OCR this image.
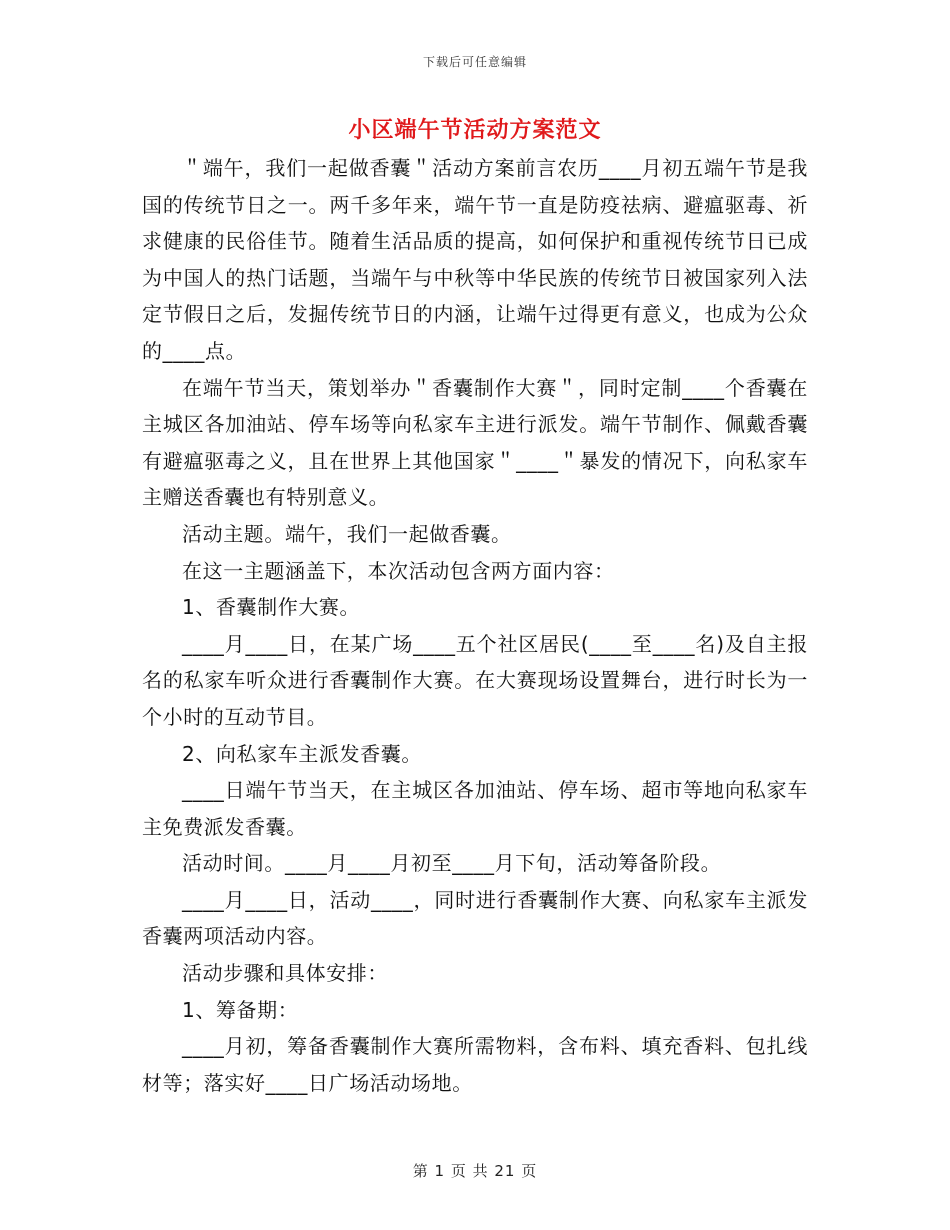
下载后可任意编辑
小区端午节活动方案范文

＂端午，我们一起做香囊＂活动方案前言农历____月初五端午节是我国的传统节日之一。两千多年来，端午节一直是防疫祛病、避瘟驱毒、祈求健康的民俗佳节。随着生活品质的提高，如何保护和重视传统节日已成为中国人的热门话题，当端午与中秋等中华民族的传统节日被国家列入法定节假日之后，发掘传统节日的内涵，让端午过得更有意义，也成为公众的____点。

在端午节当天，策划举办＂香囊制作大赛＂，同时定制____个香囊在主城区各加油站、停车场等向私家车主进行派发。端午节制作、佩戴香囊有避瘟驱毒之义，且在世界上其他国家＂____＂暴发的情况下，向私家车主赠送香囊也有特别意义。

活动主题。端午，我们一起做香囊。

在这一主题涵盖下，本次活动包含两方面内容：

1、香囊制作大赛。

____月____日，在某广场____五个社区居民(____至____名)及自主报名的私家车听众进行香囊制作大赛。在大赛现场设置舞台，进行时长为一个小时的互动节目。

2、向私家车主派发香囊。

____日端午节当天，在主城区各加油站、停车场、超市等地向私家车主免费派发香囊。

活动时间。____月____月初至____月下旬，活动筹备阶段。

____月____日，活动____，同时进行香囊制作大赛、向私家车主派发香囊两项活动内容。

活动步骤和具体安排：

1、筹备期：

____月初，筹备香囊制作大赛所需物料，含布料、填充香料、包扎线材等；落实好____日广场活动场地。

第 1 页 共 21 页
